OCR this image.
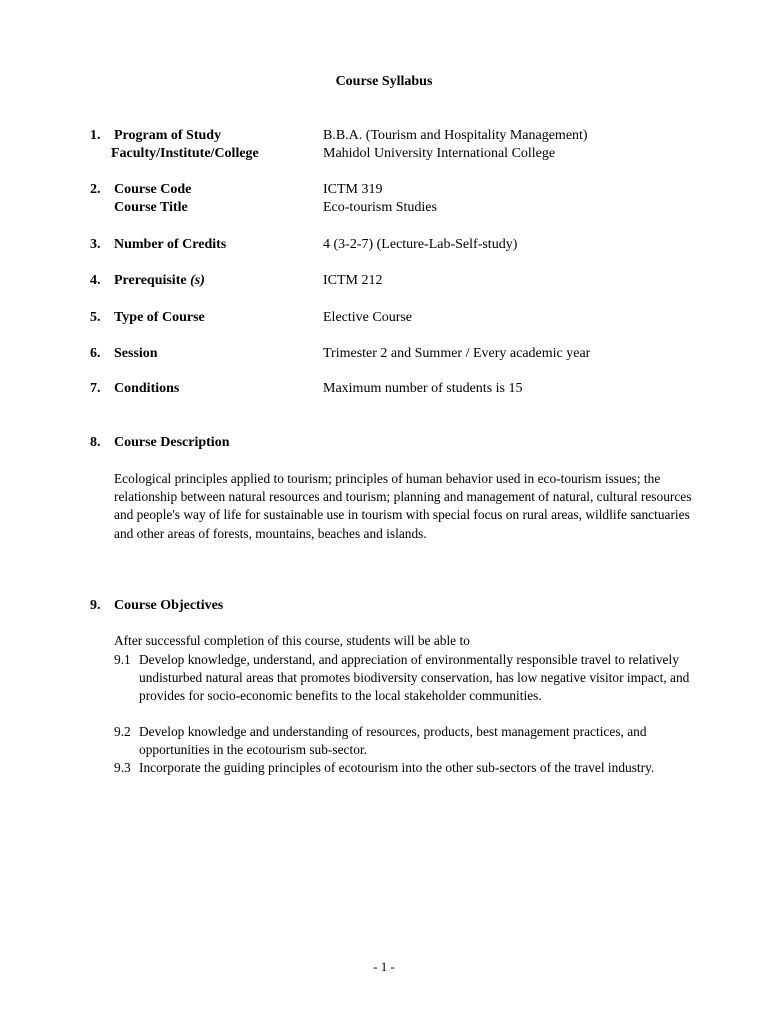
Course Syllabus
1. Program of Study	B.B.A. (Tourism and Hospitality Management)
Faculty/Institute/College	Mahidol University International College
2. Course Code	ICTM 319
Course Title	Eco-tourism Studies
3. Number of Credits	4 (3-2-7) (Lecture-Lab-Self-study)
4. Prerequisite (s)	ICTM 212
5. Type of Course	Elective Course
6. Session	Trimester 2 and Summer / Every academic year
7. Conditions	Maximum number of students is 15
8. Course Description
Ecological principles applied to tourism; principles of human behavior used in eco-tourism issues; the relationship between natural resources and tourism; planning and management of natural, cultural resources and people's way of life for sustainable use in tourism with special focus on rural areas, wildlife sanctuaries and other areas of forests, mountains, beaches and islands.
9. Course Objectives
After successful completion of this course, students will be able to
9.1 Develop knowledge, understand, and appreciation of environmentally responsible travel to relatively undisturbed natural areas that promotes biodiversity conservation, has low negative visitor impact, and provides for socio-economic benefits to the local stakeholder communities.
9.2 Develop knowledge and understanding of resources, products, best management practices, and opportunities in the ecotourism sub-sector.
9.3 Incorporate the guiding principles of ecotourism into the other sub-sectors of the travel industry.
- 1 -
